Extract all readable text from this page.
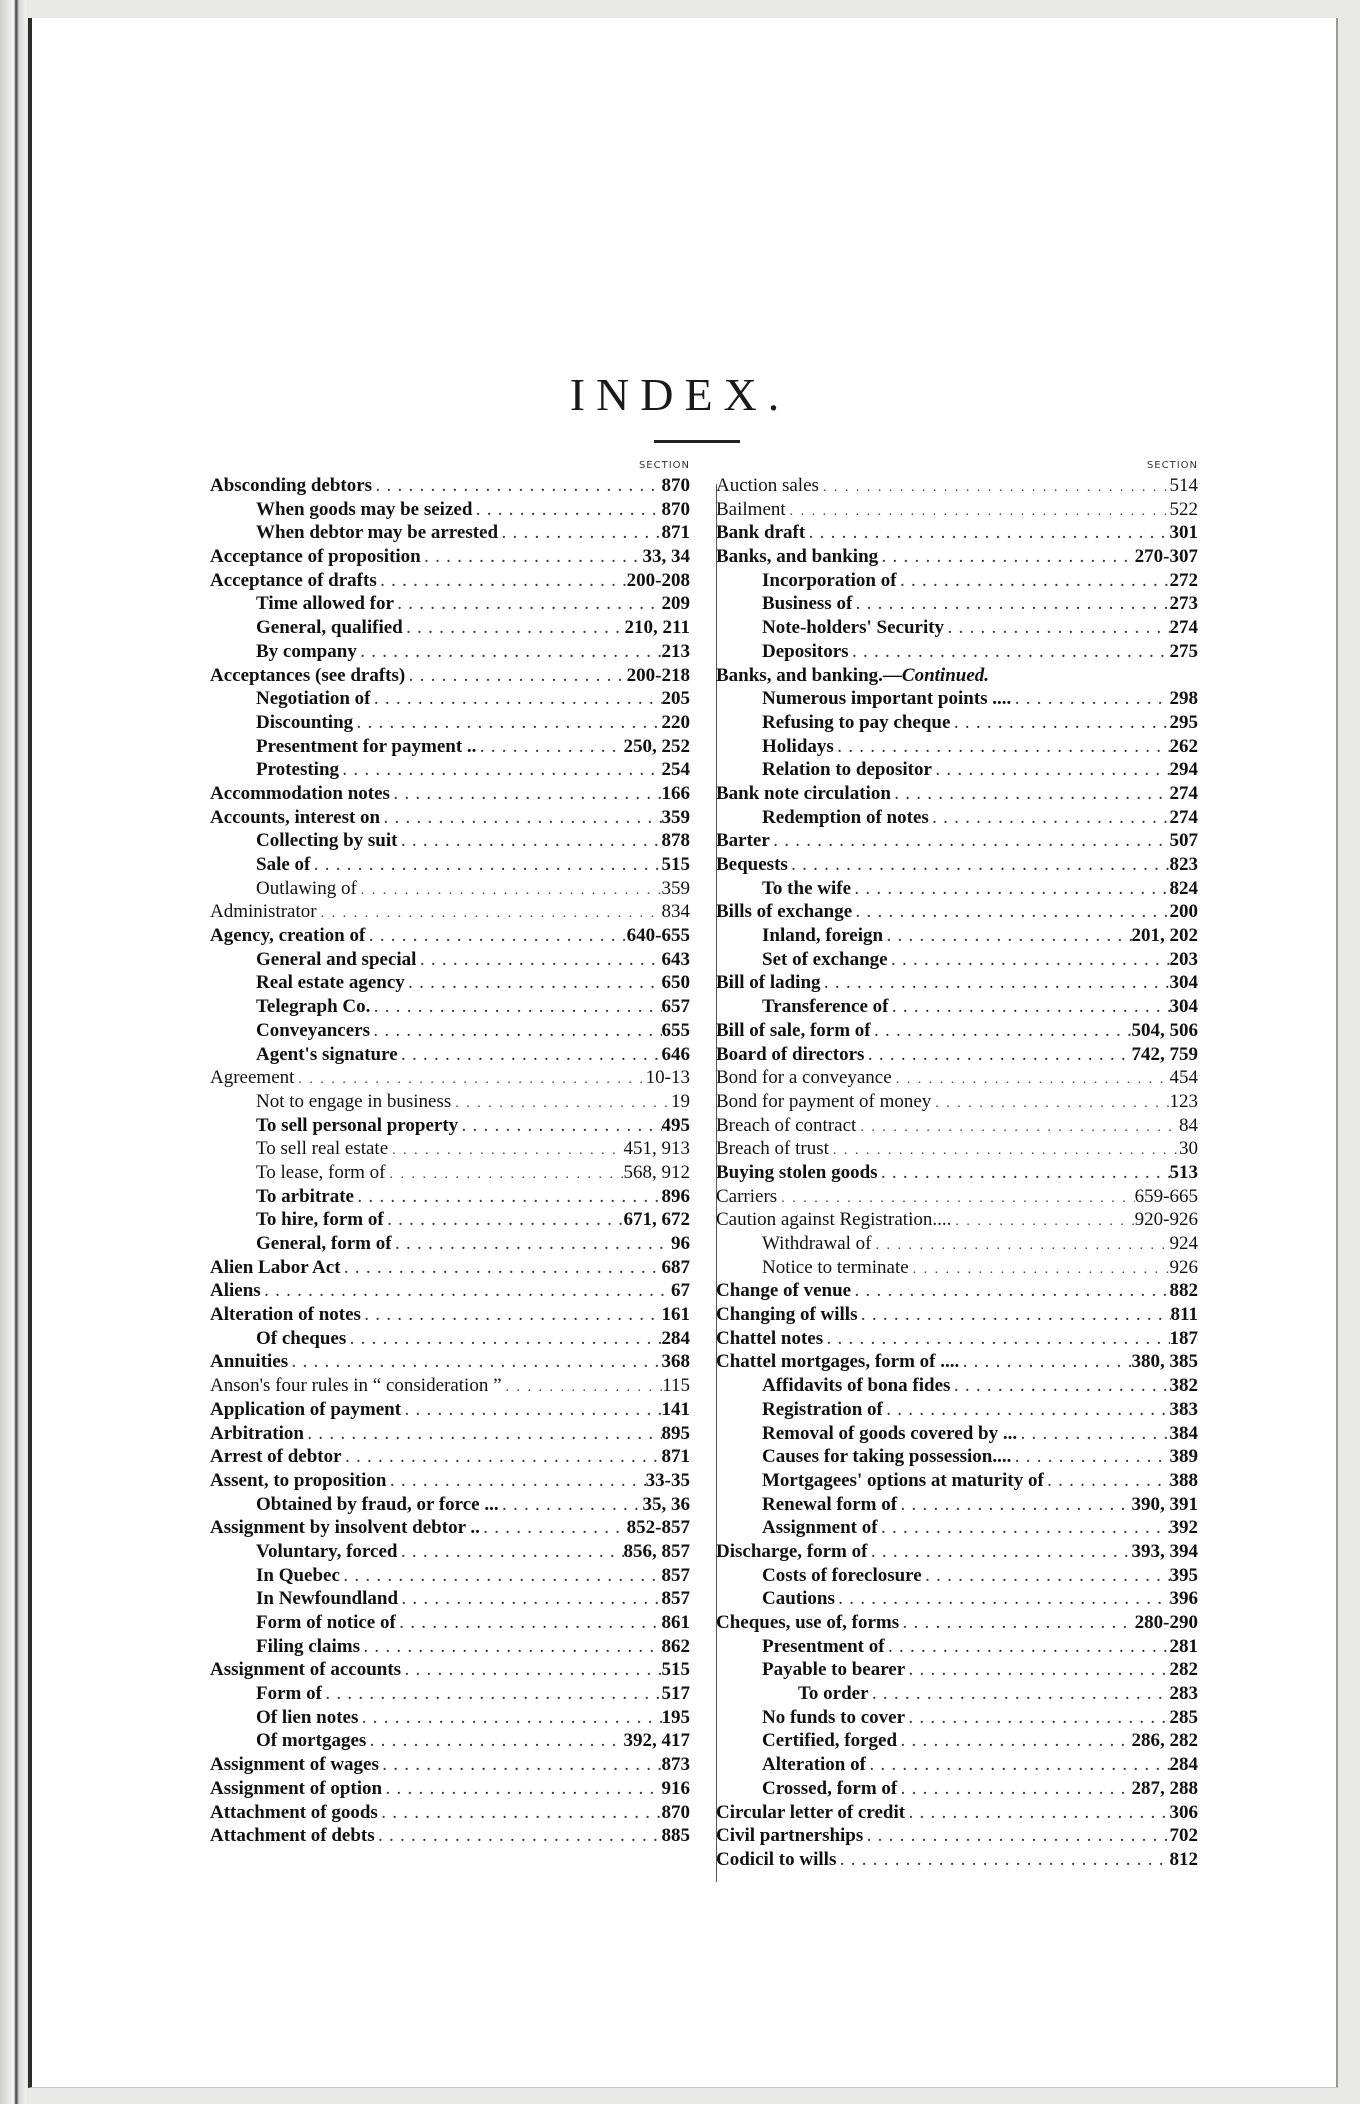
INDEX.
SECTION
Absconding debtors . . .	870
When goods may be seized . . .	870
When debtor may be arrested . . .	871
Acceptance of proposition . . .	33, 34
Acceptance of drafts . . .	200-208
Time allowed for . . .	209
General, qualified . . .	210, 211
By company . . .	213
Acceptances (see drafts) . . .	200-218
Negotiation of . . .	205
Discounting . . .	220
Presentment for payment .. . . .	250, 252
Protesting . . .	254
Accommodation notes . . .	166
Accounts, interest on . . .	359
Collecting by suit . . .	878
Sale of . . .	515
Outlawing of . . .	359
Administrator . . .	834
Agency, creation of . . .	640-655
General and special . . .	643
Real estate agency . . .	650
Telegraph Co. . . .	657
Conveyancers . . .	655
Agent's signature . . .	646
Agreement . . .	10-13
Not to engage in business . . .	19
To sell personal property . . .	495
To sell real estate . . .	451, 913
To lease, form of . . .	568, 912
To arbitrate . . .	896
To hire, form of . . .	671, 672
General, form of . . .	96
Alien Labor Act . . .	687
Aliens . . .	67
Alteration of notes . . .	161
Of cheques . . .	284
Annuities . . .	368
Anson's four rules in “ consideration ” . . .	115
Application of payment . . .	141
Arbitration . . .	895
Arrest of debtor . . .	871
Assent, to proposition . . .	33-35
Obtained by fraud, or force ... . . .	35, 36
Assignment by insolvent debtor .. . . .	852-857
Voluntary, forced . . .	856, 857
In Quebec . . .	857
In Newfoundland . . .	857
Form of notice of . . .	861
Filing claims . . .	862
Assignment of accounts . . .	515
Form of . . .	517
Of lien notes . . .	195
Of mortgages . . .	392, 417
Assignment of wages . . .	873
Assignment of option . . .	916
Attachment of goods . . .	870
Attachment of debts . . .	885
SECTION
Auction sales . . .	514
Bailment . . .	522
Bank draft . . .	301
Banks, and banking . . .	270-307
Incorporation of . . .	272
Business of . . .	273
Note-holders' Security . . .	274
Depositors . . .	275
Banks, and banking.— Continued.
Numerous important points .... . . .	298
Refusing to pay cheque . . .	295
Holidays . . .	262
Relation to depositor . . .	294
Bank note circulation . . .	274
Redemption of notes . . .	274
Barter . . .	507
Bequests . . .	823
To the wife . . .	824
Bills of exchange . . .	200
Inland, foreign . . .	201, 202
Set of exchange . . .	203
Bill of lading . . .	304
Transference of . . .	304
Bill of sale, form of . . .	504, 506
Board of directors . . .	742, 759
Bond for a conveyance . . .	454
Bond for payment of money . . .	123
Breach of contract . . .	84
Breach of trust . . .	30
Buying stolen goods . . .	513
Carriers . . .	659-665
Caution against Registration.... . . .	920-926
Withdrawal of . . .	924
Notice to terminate . . .	926
Change of venue . . .	882
Changing of wills . . .	811
Chattel notes . . .	187
Chattel mortgages, form of .... . . .	380, 385
Affidavits of bona fides . . .	382
Registration of . . .	383
Removal of goods covered by ... . . .	384
Causes for taking possession.... . . .	389
Mortgagees' options at maturity of . . .	388
Renewal form of . . .	390, 391
Assignment of . . .	392
Discharge, form of . . .	393, 394
Costs of foreclosure . . .	395
Cautions . . .	396
Cheques, use of, forms . . .	280-290
Presentment of . . .	281
Payable to bearer . . .	282
To order . . .	283
No funds to cover . . .	285
Certified, forged . . .	286, 282
Alteration of . . .	284
Crossed, form of . . .	287, 288
Circular letter of credit . . .	306
Civil partnerships . . .	702
Codicil to wills . . .	812
